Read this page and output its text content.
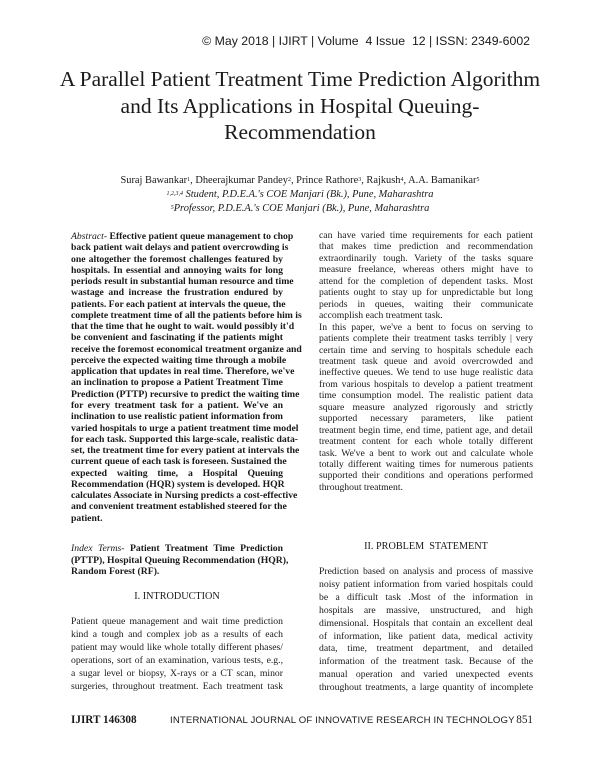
© May 2018 | IJIRT | Volume  4 Issue  12 | ISSN: 2349-6002
A Parallel Patient Treatment Time Prediction Algorithm
and Its Applications in Hospital Queuing-
Recommendation
Suraj Bawankar$^1$, Dheerajkumar Pandey$^2$, Prince Rathore$^3$, Rajkush$^4$, A.A. Bamanikar$^5$
$^{1,2,3,4}$ Student, P.D.E.A.'s COE Manjari (Bk.), Pune, Maharashtra
$^5$Professor, P.D.E.A.'s COE Manjari (Bk.), Pune, Maharashtra
Abstract- Effective patient queue management to chop
back patient wait delays and patient overcrowding is
one altogether the foremost challenges featured by
hospitals. In essential and annoying waits for long
periods result in substantial human resource and time
wastage and increase the frustration endured by
patients. For each patient at intervals the queue, the
complete treatment time of all the patients before him is
that the time that he ought to wait. would possibly it'd
be convenient and fascinating if the patients might
receive the foremost economical treatment organize and
perceive the expected waiting time through a mobile
application that updates in real time. Therefore, we've
an inclination to propose a Patient Treatment Time
Prediction (PTTP) recursive to predict the waiting time
for every treatment task for a patient. We've an
inclination to use realistic patient information from
varied hospitals to urge a patient treatment time model
for each task. Supported this large-scale, realistic data-
set, the treatment time for every patient at intervals the
current queue of each task is foreseen. Sustained the
expected waiting time, a Hospital Queuing
Recommendation (HQR) system is developed. HQR
calculates Associate in Nursing predicts a cost-effective
and convenient treatment established steered for the
patient.
Index Terms- Patient Treatment Time Prediction
(PTTP), Hospital Queuing Recommendation (HQR),
Random Forest (RF).
I. INTRODUCTION
Patient queue management and wait time prediction
kind a tough and complex job as a results of each
patient may would like whole totally different phases/
operations, sort of an examination, various tests, e.g.,
a sugar level or biopsy, X-rays or a CT scan, minor
surgeries, throughout treatment. Each treatment task
can have varied time requirements for each patient
that makes time prediction and recommendation
extraordinarily tough. Variety of the tasks square
measure freelance, whereas others might have to
attend for the completion of dependent tasks. Most
patients ought to stay up for unpredictable but long
periods in queues, waiting their communicate
accomplish each treatment task.
In this paper, we've a bent to focus on serving to
patients complete their treatment tasks terribly | very
certain time and serving to hospitals schedule each
treatment task queue and avoid overcrowded and
ineffective queues. We tend to use huge realistic data
from various hospitals to develop a patient treatment
time consumption model. The realistic patient data
square measure analyzed rigorously and strictly
supported necessary parameters, like patient
treatment begin time, end time, patient age, and detail
treatment content for each whole totally different
task. We've a bent to work out and calculate whole
totally different waiting times for numerous patients
supported their conditions and operations performed
throughout treatment.
II. PROBLEM  STATEMENT
Prediction based on analysis and process of massive
noisy patient information from varied hospitals could
be a difficult task .Most of the information in
hospitals are massive, unstructured, and high
dimensional. Hospitals that contain an excellent deal
of information, like patient data, medical activity
data, time, treatment department, and detailed
information of the treatment task. Because of the
manual operation and varied unexpected events
throughout treatments, a large quantity of incomplete
IJIRT 146308	INTERNATIONAL JOURNAL OF INNOVATIVE RESEARCH IN TECHNOLOGY 851
